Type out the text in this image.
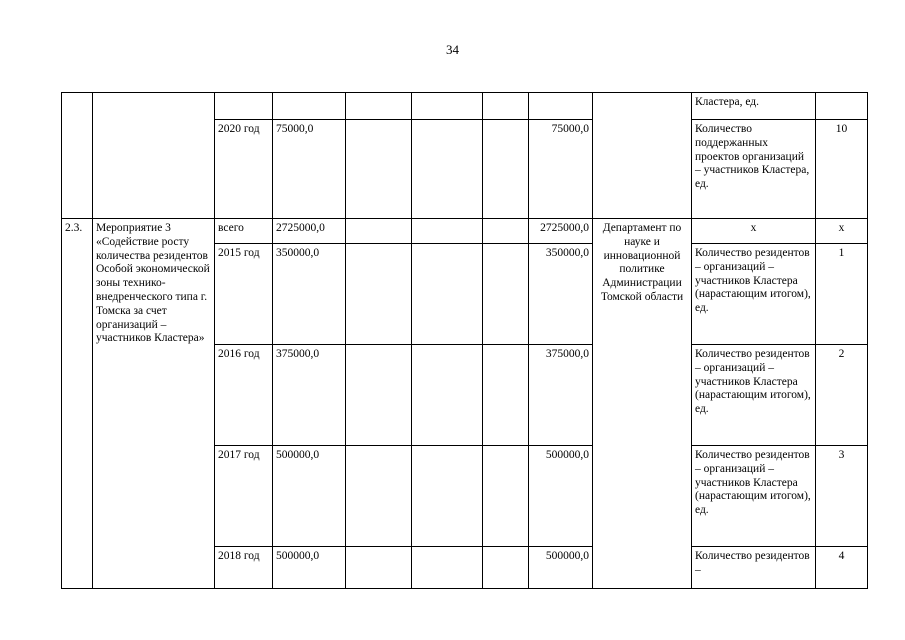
34
									Кластера, ед.	
		2020 год	75000,0				75000,0		Количество поддержанных проектов организаций – участников Кластера, ед.	10
2.3.	Мероприятие 3 «Содействие росту количества резидентов Особой экономической зоны технико-внедренческого типа г. Томска за счет организаций – участников Кластера»	всего	2725000,0				2725000,0	Департамент по науке и инновационной политике Администрации Томской области	х	х
		2015 год	350000,0				350000,0		Количество резидентов – организаций – участников Кластера (нарастающим итогом), ед.	1
		2016 год	375000,0				375000,0		Количество резидентов – организаций – участников Кластера (нарастающим итогом), ед.	2
		2017 год	500000,0				500000,0		Количество резидентов – организаций – участников Кластера (нарастающим итогом), ед.	3
		2018 год	500000,0				500000,0		Количество резидентов –	4
